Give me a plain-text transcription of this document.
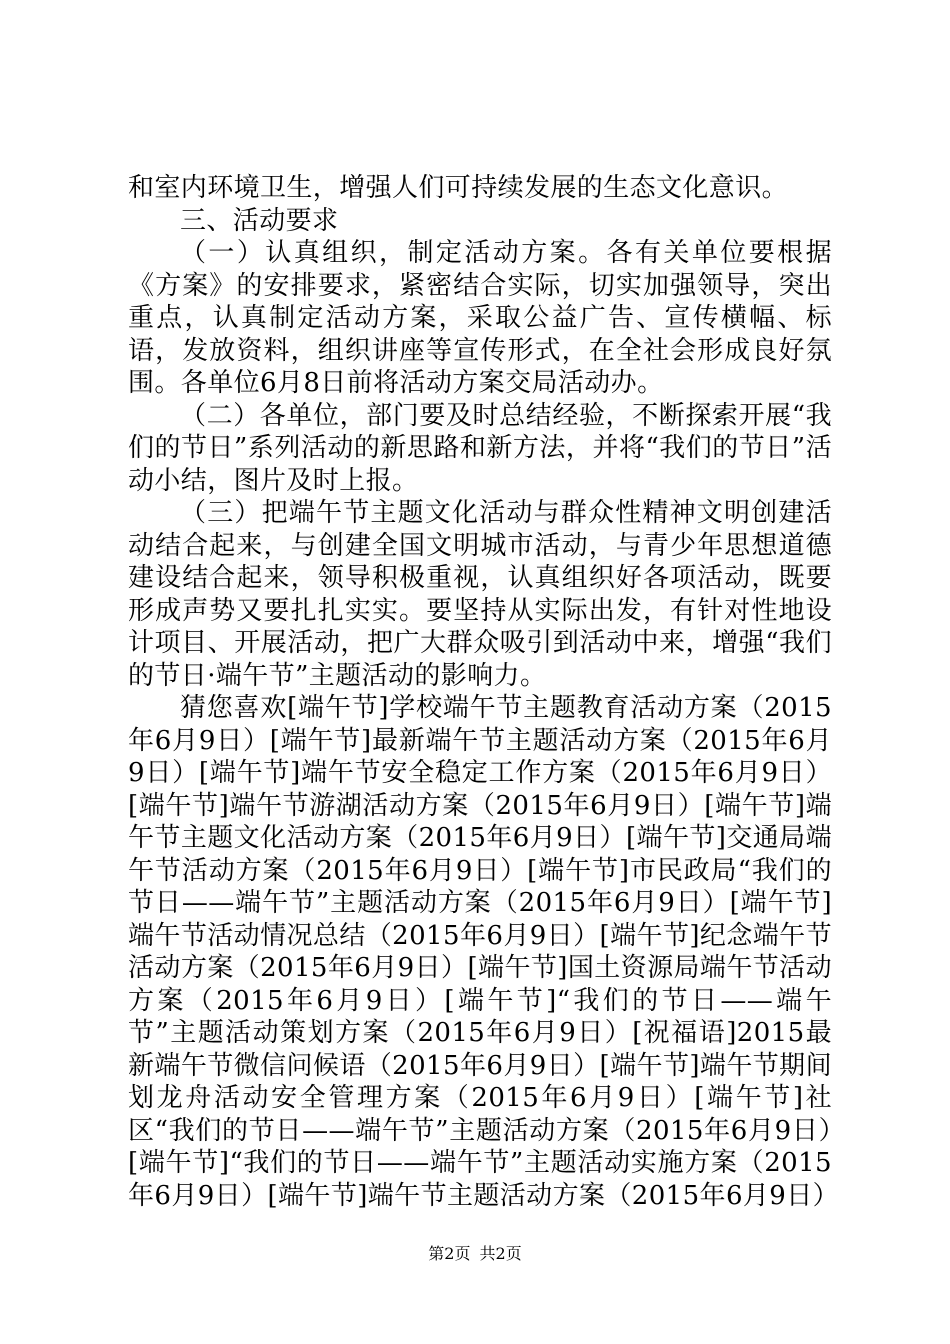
和室内环境卫生，增强人们可持续发展的生态文化意识。

三、活动要求

（一）认真组织，制定活动方案。各有关单位要根据《方案》的安排要求，紧密结合实际，切实加强领导，突出重点，认真制定活动方案，采取公益广告、宣传横幅、标语，发放资料，组织讲座等宣传形式，在全社会形成良好氛围。各单位6月8日前将活动方案交局活动办。

（二）各单位，部门要及时总结经验，不断探索开展“我们的节日”系列活动的新思路和新方法，并将“我们的节日”活动小结，图片及时上报。

（三）把端午节主题文化活动与群众性精神文明创建活动结合起来，与创建全国文明城市活动，与青少年思想道德建设结合起来，领导积极重视，认真组织好各项活动，既要形成声势又要扎扎实实。要坚持从实际出发，有针对性地设计项目、开展活动，把广大群众吸引到活动中来，增强“我们的节日·端午节”主题活动的影响力。

猜您喜欢[端午节]学校端午节主题教育活动方案（2015年6月9日）[端午节]最新端午节主题活动方案（2015年6月9日）[端午节]端午节安全稳定工作方案（2015年6月9日）[端午节]端午节游湖活动方案（2015年6月9日）[端午节]端午节主题文化活动方案（2015年6月9日）[端午节]交通局端午节活动方案（2015年6月9日）[端午节]市民政局“我们的节日——端午节”主题活动方案（2015年6月9日）[端午节]端午节活动情况总结（2015年6月9日）[端午节]纪念端午节活动方案（2015年6月9日）[端午节]国土资源局端午节活动方案（2015年6月9日）[端午节]“我们的节日——端午节”主题活动策划方案（2015年6月9日）[祝福语]2015最新端午节微信问候语（2015年6月9日）[端午节]端午节期间划龙舟活动安全管理方案（2015年6月9日）[端午节]社区“我们的节日——端午节”主题活动方案（2015年6月9日）[端午节]“我们的节日——端午节”主题活动实施方案（2015年6月9日）[端午节]端午节主题活动方案（2015年6月9日）

第2页 共2页
